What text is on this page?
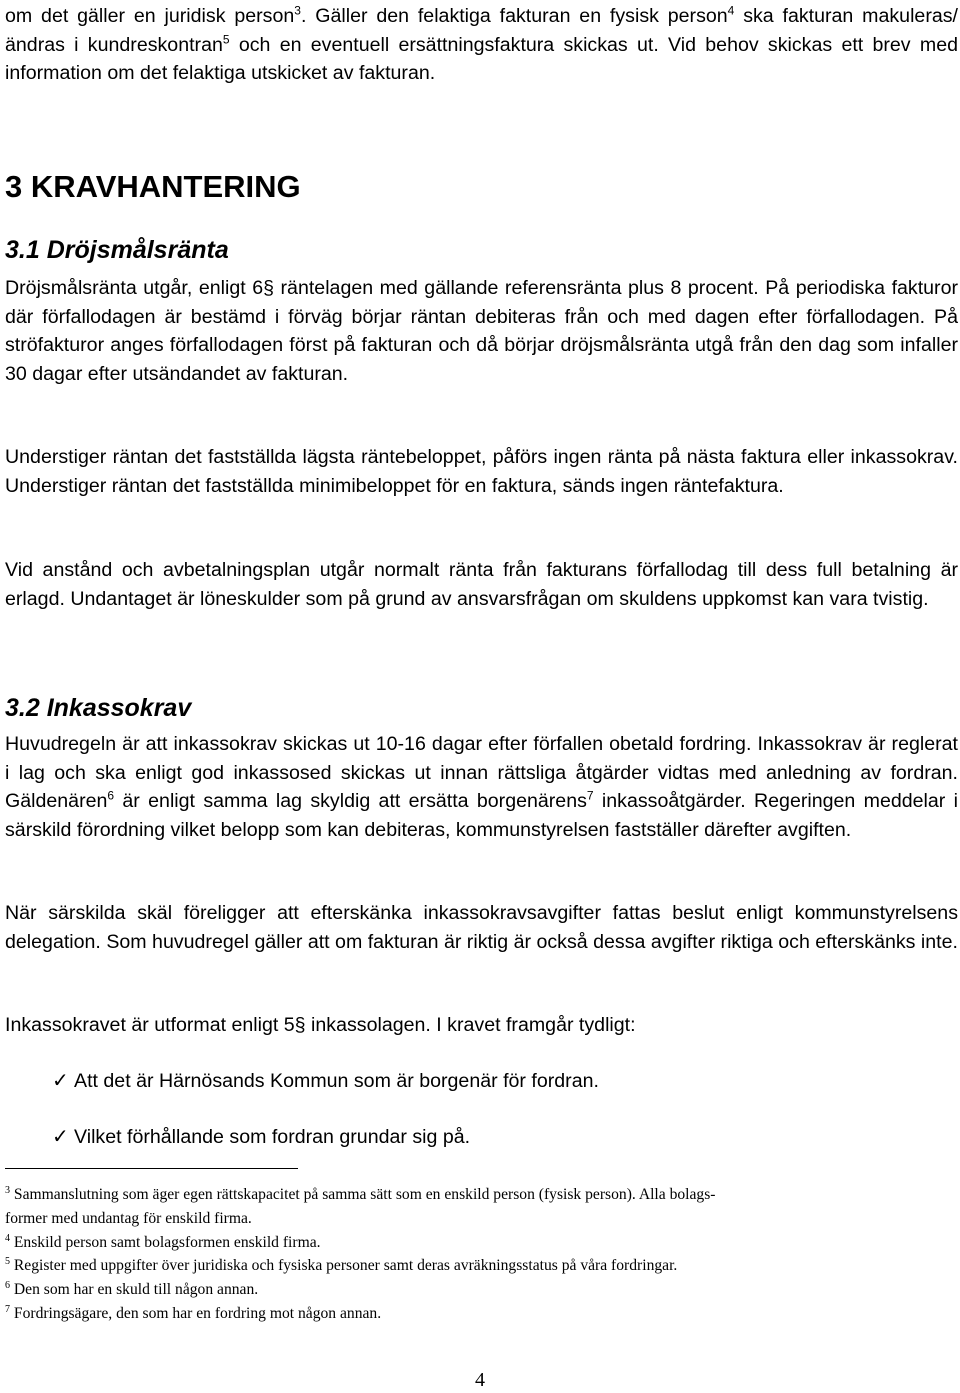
om det gäller en juridisk person$^3$. Gäller den felaktiga fakturan en fysisk person$^4$ ska fakturan makuleras/ändras i kundreskontran$^5$ och en eventuell ersättningsfaktura skickas ut. Vid behov skickas ett brev med information om det felaktiga utskicket av fakturan.

3 KRAVHANTERING
3.1 Dröjsmålsränta

Dröjsmålsränta utgår, enligt 6§ räntelagen med gällande referensränta plus 8 procent. På periodiska fakturor där förfallodagen är bestämd i förväg börjar räntan debiteras från och med dagen efter förfallodagen. På ströfakturor anges förfallodagen först på fakturan och då börjar dröjsmålsränta utgå från den dag som infaller 30 dagar efter utsändandet av fakturan.

Understiger räntan det fastställda lägsta räntebeloppet, påförs ingen ränta på nästa faktura eller inkassokrav. Understiger räntan det fastställda minimibeloppet för en faktura, sänds ingen räntefaktura.

Vid anstånd och avbetalningsplan utgår normalt ränta från fakturans förfallodag till dess full betalning är erlagd. Undantaget är löneskulder som på grund av ansvarsfrågan om skuldens uppkomst kan vara tvistig.

3.2 Inkassokrav

Huvudregeln är att inkassokrav skickas ut 10-16 dagar efter förfallen obetald fordring. Inkassokrav är reglerat i lag och ska enligt god inkassosed skickas ut innan rättsliga åtgärder vidtas med anledning av fordran. Gäldenären$^6$ är enligt samma lag skyldig att ersätta borgenärens$^7$ inkassoåtgärder. Regeringen meddelar i särskild förordning vilket belopp som kan debiteras, kommunstyrelsen fastställer därefter avgiften.

När särskilda skäl föreligger att efterskänka inkassokravsavgifter fattas beslut enligt kommunstyrelsens delegation. Som huvudregel gäller att om fakturan är riktig är också dessa avgifter riktiga och efterskänks inte.

Inkassokravet är utformat enligt 5§ inkassolagen. I kravet framgår tydligt:

✓ Att det är Härnösands Kommun som är borgenär för fordran.
✓ Vilket förhållande som fordran grundar sig på.

$^3$ Sammanslutning som äger egen rättskapacitet på samma sätt som en enskild person (fysisk person). Alla bolags-

former med undantag för enskild firma.

$^4$ Enskild person samt bolagsformen enskild firma.

$^5$ Register med uppgifter över juridiska och fysiska personer samt deras avräkningsstatus på våra fordringar.

$^6$ Den som har en skuld till någon annan.

$^7$ Fordringsägare, den som har en fordring mot någon annan.

4
